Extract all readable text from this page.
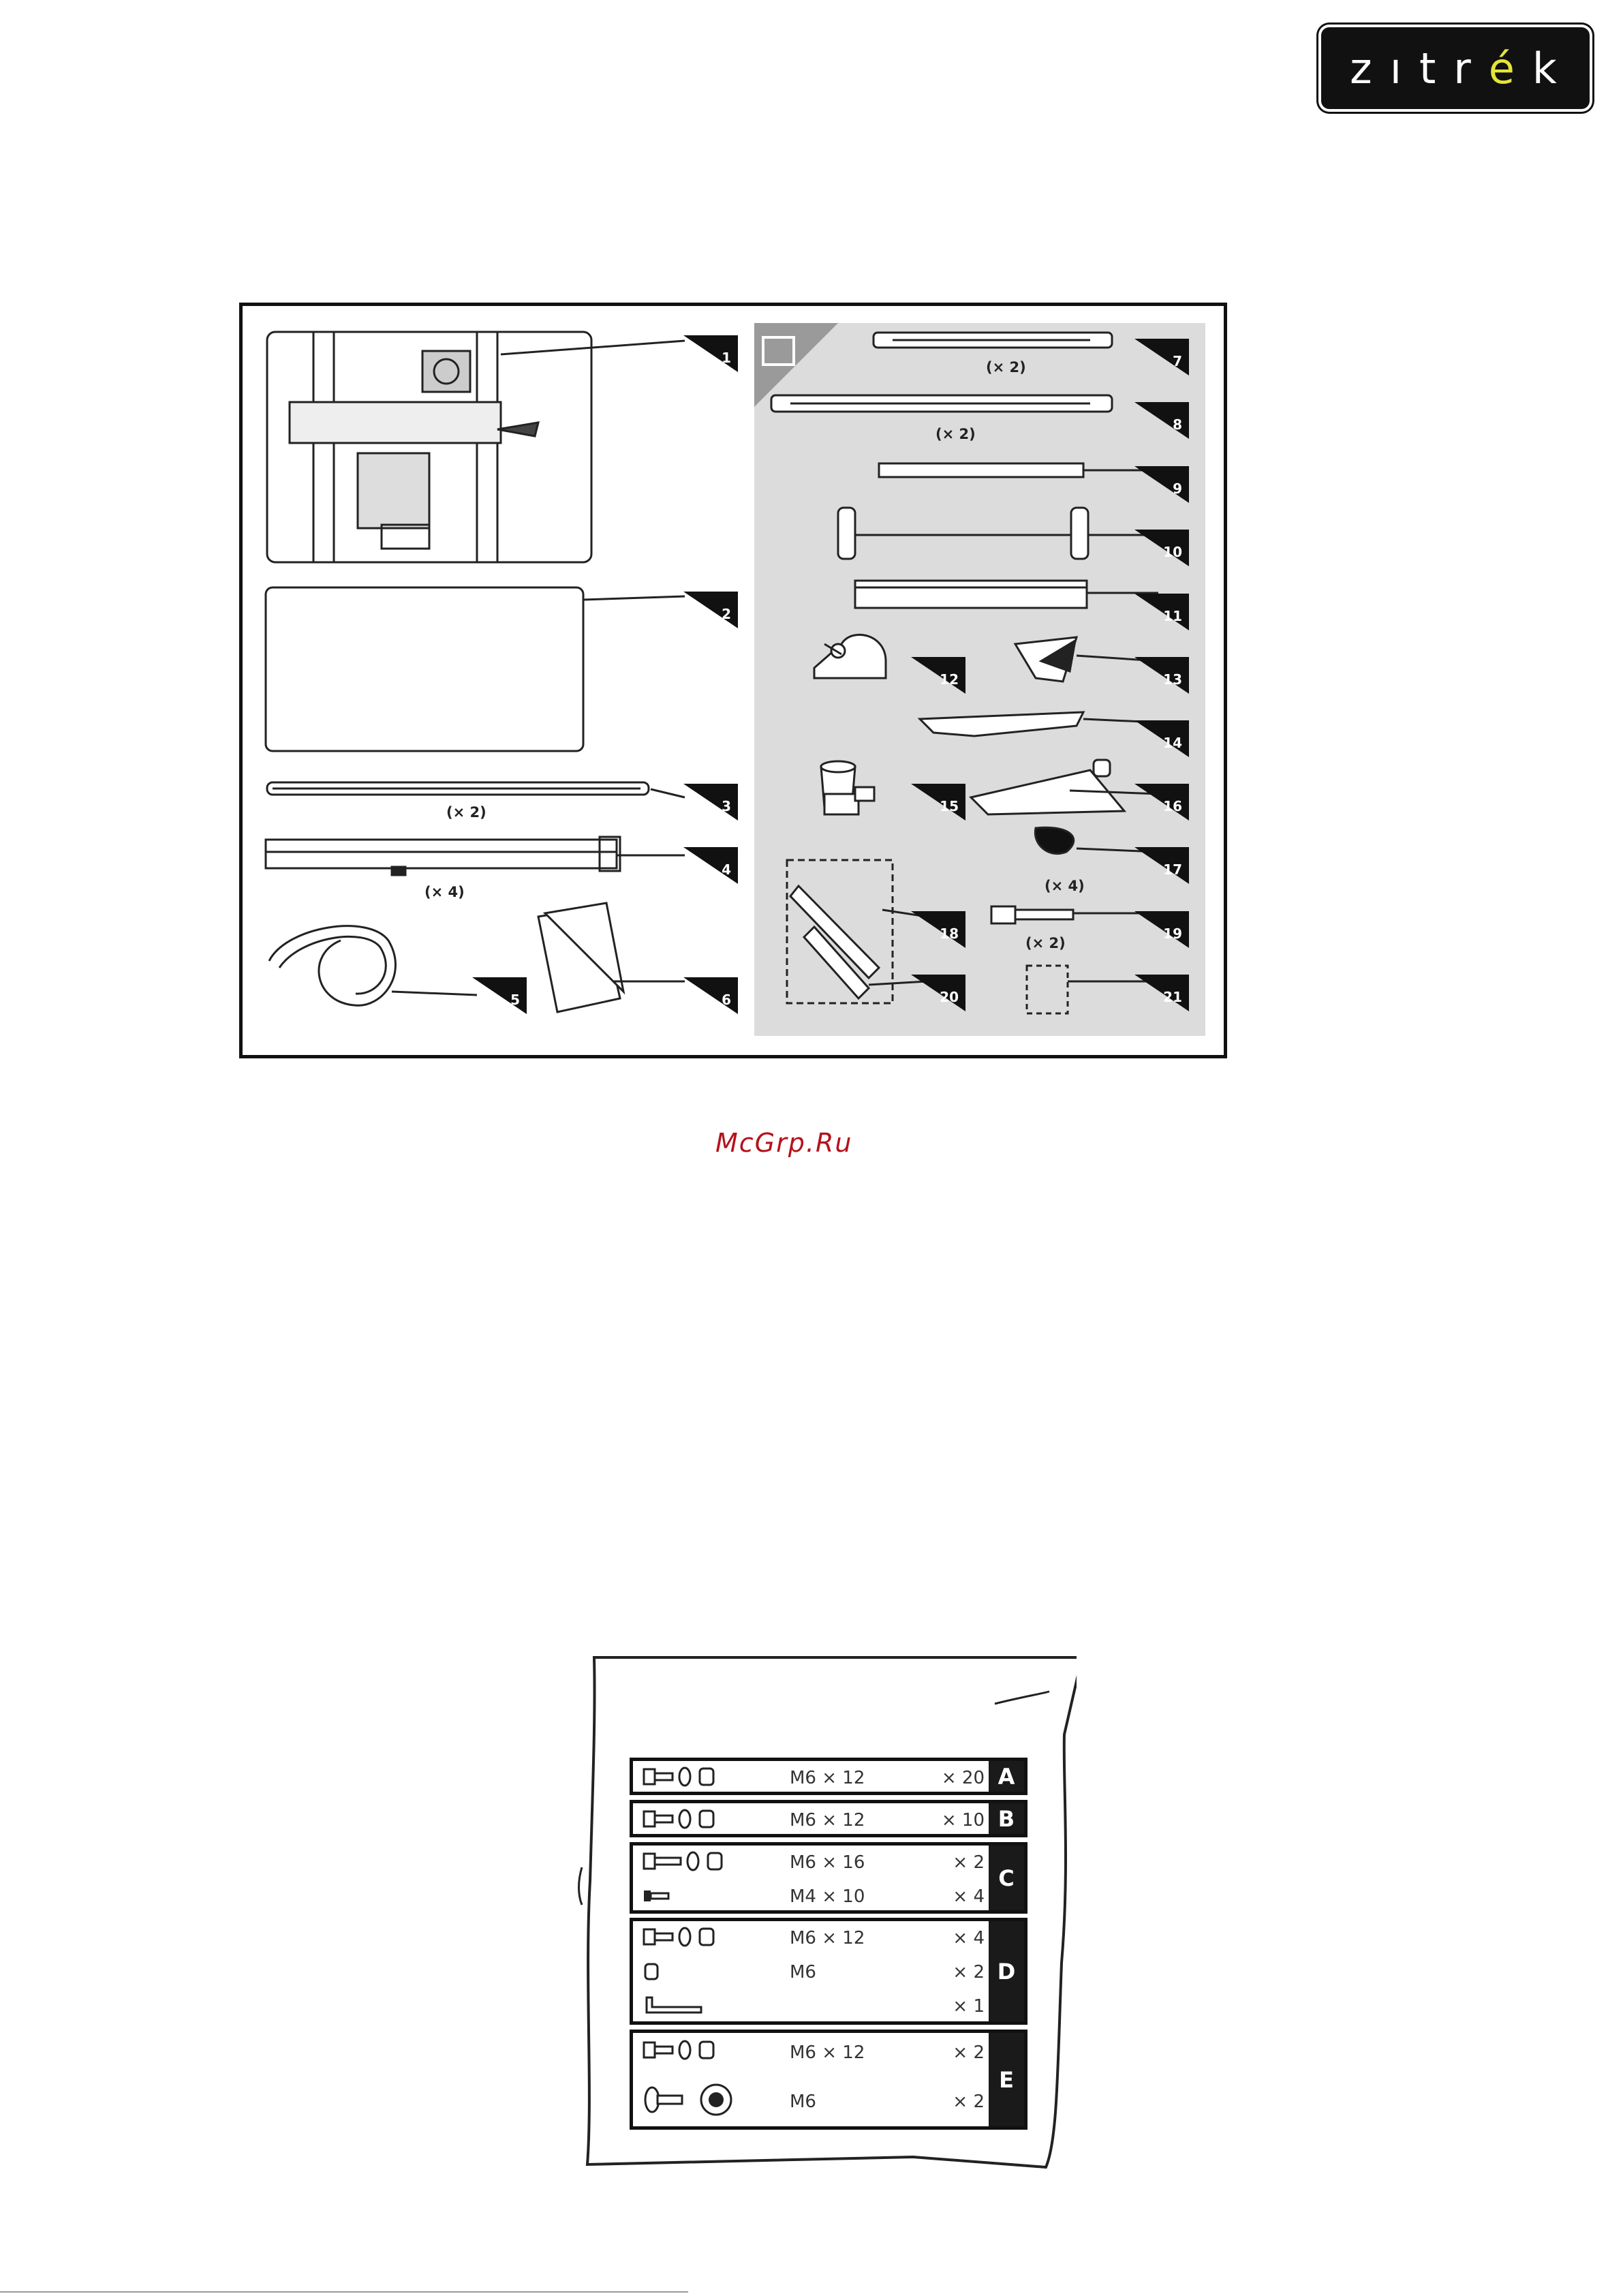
z ı t r é k
1
2
3
4
5	6
7
8
9
10
11
12	13
14
15	16
17
18	19
20	21
(× 2)
(× 4)
(× 2)
(× 2)
(× 4)
(× 2)
McGrp.Ru
M6 × 12	× 20 A
M6 × 12	× 10 B
M6 × 16	× 2
M4 × 10	× 4
C
M6 × 12	× 4
M6	× 2
× 1
D
M6 × 12	× 2
M6	× 2
E
